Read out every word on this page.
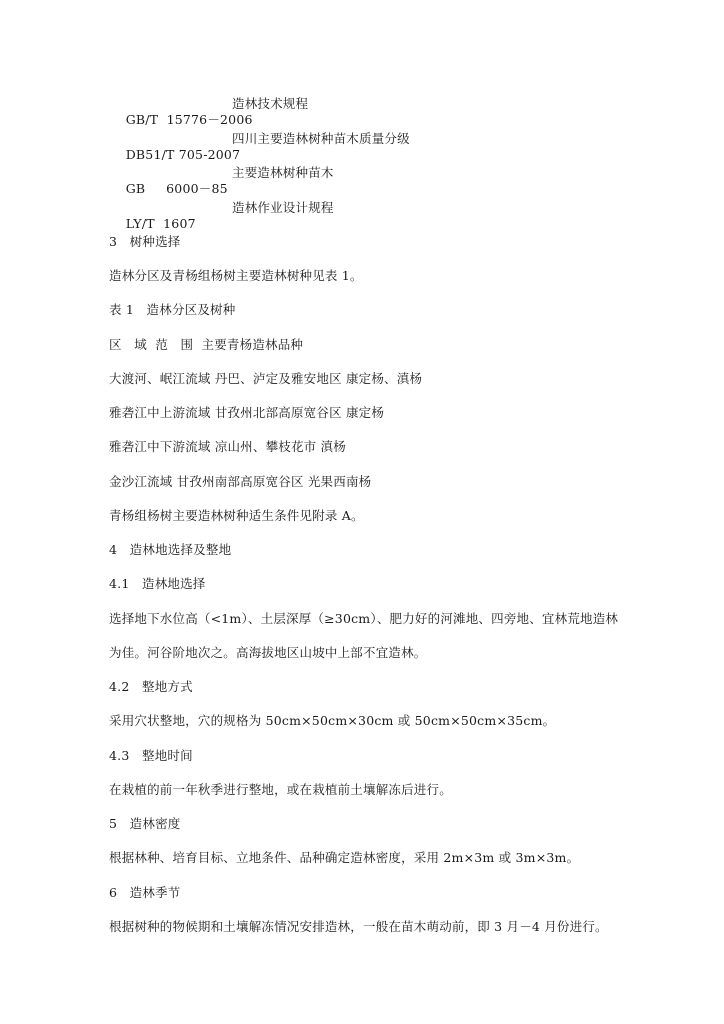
GB/T  15776－2006

造林技术规程

DB51/T 705-2007

四川主要造林树种苗木质量分级

GB     6000－85

主要造林树种苗木

LY/T  1607

造林作业设计规程

3   树种选择
造林分区及青杨组杨树主要造林树种见表 1。
表 1   造林分区及树种
区   域  范   围  主要青杨造林品种
大渡河、岷江流域 丹巴、泸定及雅安地区 康定杨、滇杨
雅砻江中上游流域 甘孜州北部高原宽谷区 康定杨
雅砻江中下游流域 凉山州、攀枝花市 滇杨
金沙江流域 甘孜州南部高原宽谷区 光果西南杨
青杨组杨树主要造林树种适生条件见附录 A。
4   造林地选择及整地
4.1   造林地选择
选择地下水位高（<1m）、土层深厚（≥30cm）、肥力好的河滩地、四旁地、宜林荒地造林
为佳。河谷阶地次之。高海拔地区山坡中上部不宜造林。
4.2   整地方式
采用穴状整地，穴的规格为 50cm×50cm×30cm 或 50cm×50cm×35cm。
4.3   整地时间
在栽植的前一年秋季进行整地，或在栽植前土壤解冻后进行。
5   造林密度
根据林种、培育目标、立地条件、品种确定造林密度，采用 2m×3m 或 3m×3m。
6   造林季节
根据树种的物候期和土壤解冻情况安排造林，一般在苗木萌动前，即 3 月－4 月份进行。
